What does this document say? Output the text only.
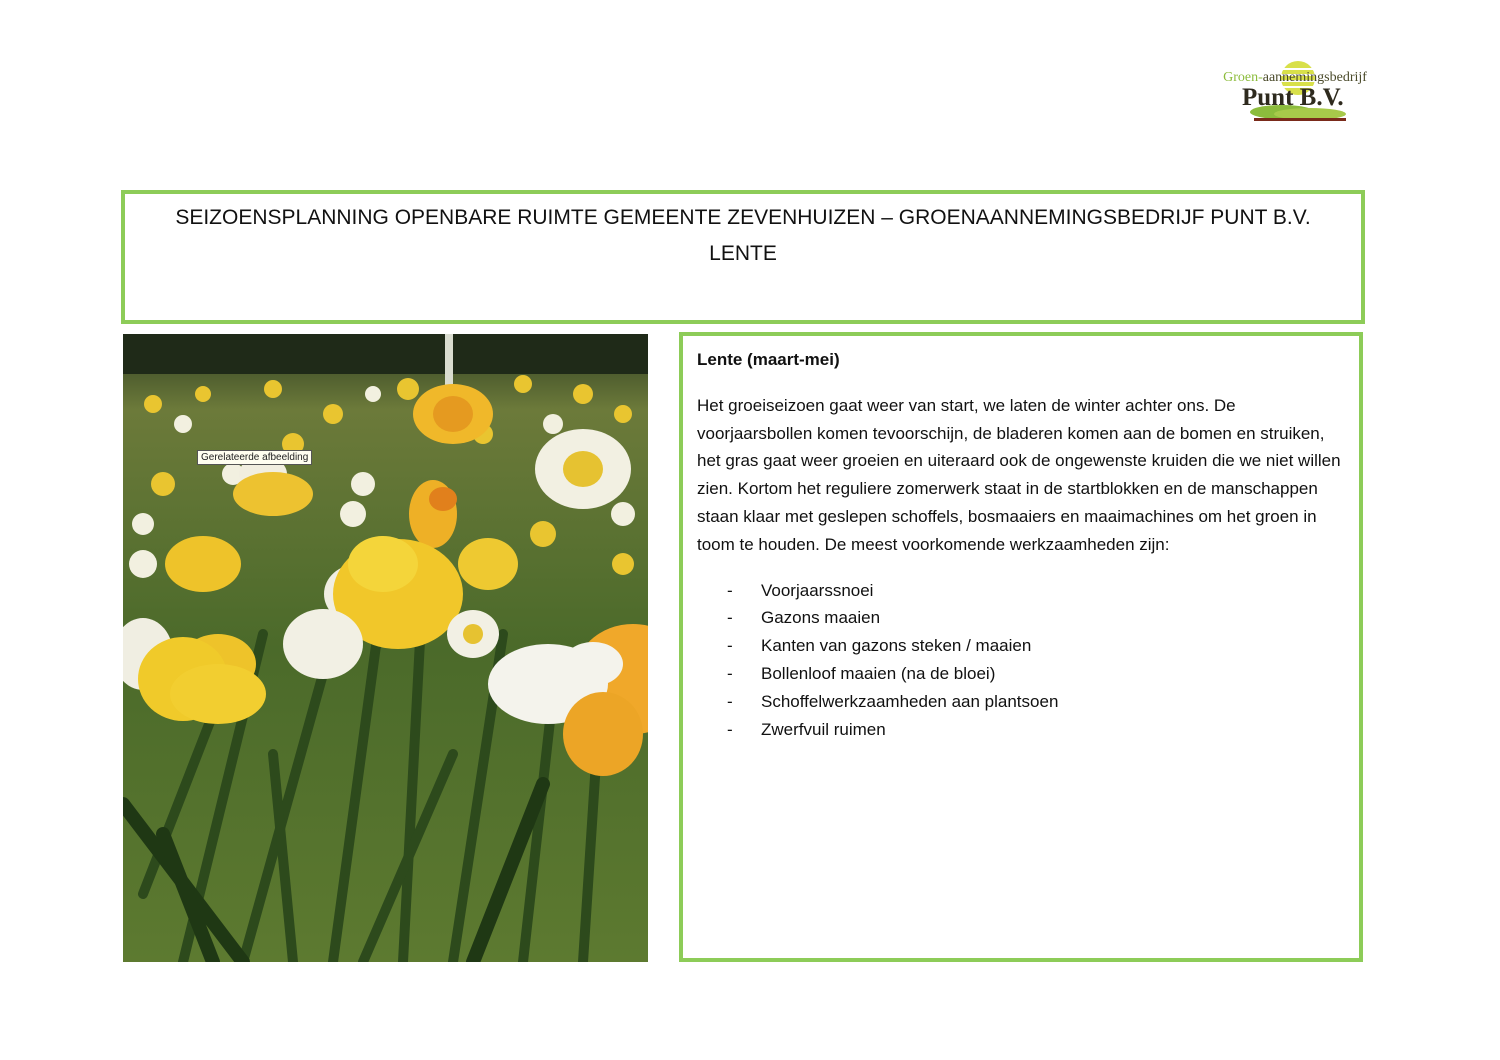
Groen-aannemingsbedrijf
Punt B.V.
SEIZOENSPLANNING OPENBARE RUIMTE GEMEENTE ZEVENHUIZEN – GROENAANNEMINGSBEDRIJF PUNT B.V.
LENTE
Gerelateerde afbeelding
Lente (maart-mei)
Het groeiseizoen gaat weer van start, we laten de winter achter ons. De voorjaarsbollen komen tevoorschijn, de bladeren komen aan de bomen en struiken, het gras gaat weer groeien en uiteraard ook de ongewenste kruiden die we niet willen zien. Kortom het reguliere zomerwerk staat in de startblokken en de manschappen staan klaar met geslepen schoffels, bosmaaiers en maaimachines om het groen in toom te houden. De meest voorkomende werkzaamheden zijn:
- Voorjaarssnoei
- Gazons maaien
- Kanten van gazons steken / maaien
- Bollenloof maaien (na de bloei)
- Schoffelwerkzaamheden aan plantsoen
- Zwerfvuil ruimen
